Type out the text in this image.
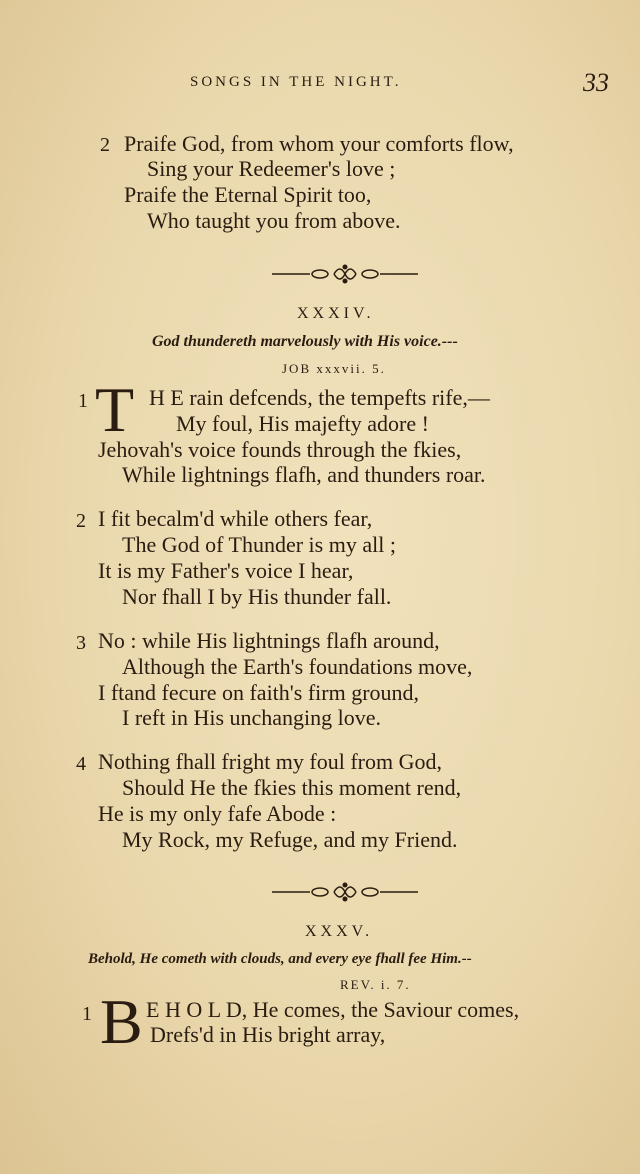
SONGS IN THE NIGHT.	33
2 Praife God, from whom your comforts flow,
Sing your Redeemer's love ;
Praife the Eternal Spirit too,
Who taught you from above.
XXXIV.
God thundereth marvelously with His voice.---
JOB xxxvii. 5.
1 T H E rain defcends, the tempefts rife,—
My foul, His majefty adore !
Jehovah's voice founds through the fkies,
While lightnings flafh, and thunders roar.
2 I fit becalm'd while others fear,
The God of Thunder is my all ;
It is my Father's voice I hear,
Nor fhall I by His thunder fall.
3 No : while His lightnings flafh around,
Although the Earth's foundations move,
I ftand fecure on faith's firm ground,
I reft in His unchanging love.
4 Nothing fhall fright my foul from God,
Should He the fkies this moment rend,
He is my only fafe Abode :
My Rock, my Refuge, and my Friend.
XXXV.
Behold, He cometh with clouds, and every eye fhall fee Him.--
REV. i. 7.
1 B E H O L D, He comes, the Saviour comes,
Drefs'd in His bright array,
